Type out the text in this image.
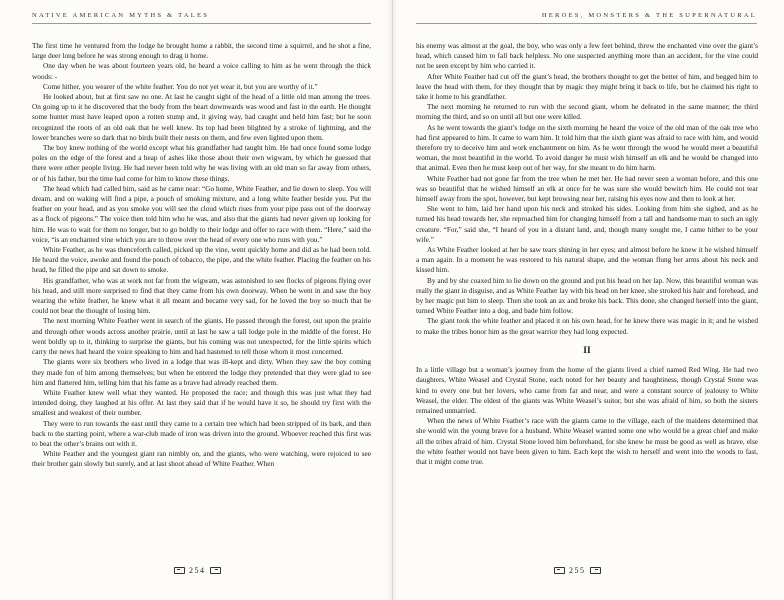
NATIVE AMERICAN MYTHS & TALES

The first time he ventured from the lodge he brought home a rabbit, the second time a squirrel, and he shot a fine, large deer long before he was strong enough to drag it home.

One day when he was about fourteen years old, he heard a voice calling to him as he went through the thick woods: -

Come hither, you wearer of the white feather. You do not yet wear it, but you are worthy of it.”

He looked about, but at first saw no one. At last he caught sight of the head of a little old man among the trees. On going up to it he discovered that the body from the heart downwards was wood and fast in the earth. He thought some hunter must have leaped upon a rotten stump and, it giving way, had caught and held him fast; but he soon recognized the roots of an old oak that he well knew. Its top had been blighted by a stroke of lightning, and the lower branches were so dark that no birds built their nests on them, and few even lighted upon them.

The boy knew nothing of the world except what his grandfather had taught him. He had once found some lodge poles on the edge of the forest and a heap of ashes like those about their own wigwam, by which he guessed that there were other people living. He had never been told why he was living with an old man so far away from others, or of his father, but the time had come for him to know these things.

The head which had called him, said as he came near: “Go home, White Feather, and lie down to sleep. You will dream, and on waking will find a pipe, a pouch of smoking mixture, and a long white feather beside you. Put the feather on your head, and as you smoke you will see the cloud which rises from your pipe pass out of the doorway as a flock of pigeons.” The voice then told him who he was, and also that the giants had never given up looking for him. He was to wait for them no longer, but to go boldly to their lodge and offer to race with them. “Here,” said the voice, “is an enchanted vine which you are to throw over the head of every one who runs with you.”

White Feather, as he was thenceforth called, picked up the vine, went quickly home and did as he had been told. He heard the voice, awoke and found the pouch of tobacco, the pipe, and the white feather. Placing the feather on his head, he filled the pipe and sat down to smoke.

His grandfather, who was at work not far from the wigwam, was astonished to see flocks of pigeons flying over his head, and still more surprised to find that they came from his own doorway. When he went in and saw the boy wearing the white feather, he knew what it all meant and became very sad, for he loved the boy so much that he could not bear the thought of losing him.

The next morning White Feather went in search of the giants. He passed through the forest, out upon the prairie and through other woods across another prairie, until at last he saw a tall lodge pole in the middle of the forest. He went boldly up to it, thinking to surprise the giants, but his coming was not unexpected, for the little spirits which carry the news had heard the voice speaking to him and had hastened to tell those whom it most concerned.

The giants were six brothers who lived in a lodge that was ill-kept and dirty. When they saw the boy coming they made fun of him among themselves; but when he entered the lodge they pretended that they were glad to see him and flattered him, telling him that his fame as a brave had already reached them.

White Feather knew well what they wanted. He proposed the race; and though this was just what they had intended doing, they laughed at his offer. At last they said that if he would have it so, he should try first with the smallest and weakest of their number.

They were to run towards the east until they came to a certain tree which had been stripped of its bark, and then back to the starting point, where a war-club made of iron was driven into the ground. Whoever reached this first was to beat the other’s brains out with it.

White Feather and the youngest giant ran nimbly on, and the giants, who were watching, were rejoiced to see their brother gain slowly but surely, and at last shoot ahead of White Feather. When

254
HEROES, MONSTERS & THE SUPERNATURAL

his enemy was almost at the goal, the boy, who was only a few feet behind, threw the enchanted vine over the giant’s head, which caused him to fall back helpless. No one suspected anything more than an accident, for the vine could not be seen except by him who carried it.

After White Feather had cut off the giant’s head, the brothers thought to get the better of him, and begged him to leave the head with them, for they thought that by magic they might bring it back to life, but he claimed his right to take it home to his grandfather.

The next morning he returned to run with the second giant, whom he defeated in the same manner; the third morning the third, and so on until all but one were killed.

As he went towards the giant’s lodge on the sixth morning he heard the voice of the old man of the oak tree who had first appeared to him. It came to warn him. It told him that the sixth giant was afraid to race with him, and would therefore try to deceive him and work enchantment on him. As he went through the wood he would meet a beautiful woman, the most beautiful in the world. To avoid danger he must wish himself an elk and he would be changed into that animal. Even then he must keep out of her way, for she meant to do him harm.

White Feather had not gone far from the tree when he met her. He had never seen a woman before, and this one was so beautiful that he wished himself an elk at once for he was sure she would bewitch him. He could not tear himself away from the spot, however, but kept browsing near her, raising his eyes now and then to look at her.

She went to him, laid her hand upon his neck and stroked his sides. Looking from him she sighed, and as he turned his head towards her, she reproached him for changing himself from a tall and handsome man to such an ugly creature. “For,” said she, “I heard of you in a distant land, and, though many sought me, I came hither to be your wife.”

As White Feather looked at her he saw tears shining in her eyes; and almost before he knew it he wished himself a man again. In a moment he was restored to his natural shape, and the woman flung her arms about his neck and kissed him.

By and by she coaxed him to lie down on the ground and put his head on her lap. Now, this beautiful woman was really the giant in disguise, and as White Feather lay with his head on her knee, she stroked his hair and forehead, and by her magic put him to sleep. Then she took an ax and broke his back. This done, she changed herself into the giant, turned White Feather into a dog, and bade him follow.

The giant took the white feather and placed it on his own head, for he knew there was magic in it; and he wished to make the tribes honor him as the great warrior they had long expected.

II

In a little village but a woman’s journey from the home of the giants lived a chief named Red Wing. He had two daughters, White Weasel and Crystal Stone, each noted for her beauty and haughtiness, though Crystal Stone was kind to every one but her lovers, who came from far and near, and were a constant source of jealousy to White Weasel, the elder. The eldest of the giants was White Weasel’s suitor, but she was afraid of him, so both the sisters remained unmarried.

When the news of White Feather’s race with the giants came to the village, each of the maidens determined that she would win the young brave for a husband. White Weasel wanted some one who would be a great chief and make all the tribes afraid of him. Crystal Stone loved him beforehand, for she knew he must be good as well as brave, else the white feather would not have been given to him. Each kept the wish to herself and went into the woods to fast, that it might come true.

255
